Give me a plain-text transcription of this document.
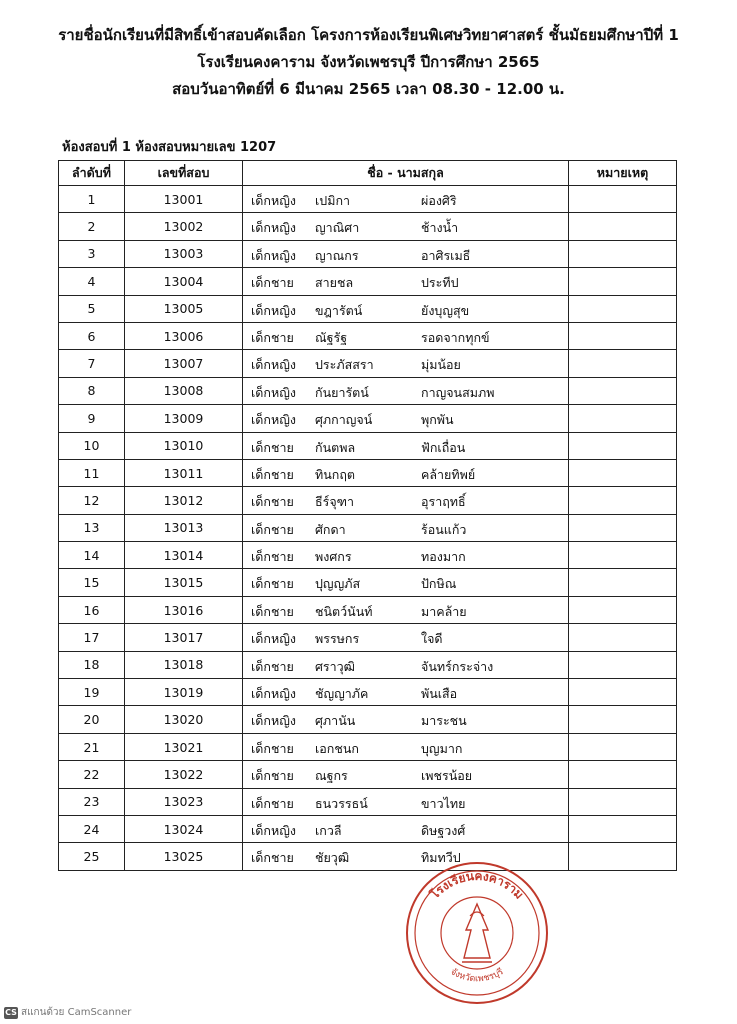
รายชื่อนักเรียนที่มีสิทธิ์เข้าสอบคัดเลือก โครงการห้องเรียนพิเศษวิทยาศาสตร์ ชั้นมัธยมศึกษาปีที่ 1
โรงเรียนคงคาราม จังหวัดเพชรบุรี ปีการศึกษา 2565
สอบวันอาทิตย์ที่ 6 มีนาคม 2565 เวลา 08.30 - 12.00 น.
ห้องสอบที่ 1 ห้องสอบหมายเลข 1207
ลำดับที่	เลขที่สอบ	ชื่อ - นามสกุล	หมายเหตุ
1	13001	เด็กหญิง เปมิกา ผ่องศิริ	

2	13002	เด็กหญิง ญาณิศา ช้างน้ำ	

3	13003	เด็กหญิง ญาณกร อาศิรเมธี	

4	13004	เด็กชาย สายชล ประทีป	

5	13005	เด็กหญิง ขฎารัตน์ ยังบุญสุข	

6	13006	เด็กชาย ณัฐรัฐ รอดจากทุกข์	

7	13007	เด็กหญิง ประภัสสรา มุ่มน้อย	

8	13008	เด็กหญิง กันยารัตน์ กาญจนสมภพ	

9	13009	เด็กหญิง ศุภกาญจน์ พุกพัน	

10	13010	เด็กชาย กันตพล ฟักเถื่อน	

11	13011	เด็กชาย ทินกฤต คล้ายทิพย์	

12	13012	เด็กชาย ธีร์จุฑา อุราฤทธิ์	

13	13013	เด็กชาย ศักดา ร้อนแก้ว	

14	13014	เด็กชาย พงศกร ทองมาก	

15	13015	เด็กชาย ปุญญภัส ปักษิณ	

16	13016	เด็กชาย ชนิตว์นันท์ มาคล้าย	

17	13017	เด็กหญิง พรรษกร ใจดี	

18	13018	เด็กชาย ศราวุฒิ จันทร์กระจ่าง	

19	13019	เด็กหญิง ชัญญาภัค พันเสือ	

20	13020	เด็กหญิง ศุภานัน มาระชน	

21	13021	เด็กชาย เอกชนก บุญมาก	

22	13022	เด็กชาย ณฐกร เพชรน้อย	

23	13023	เด็กชาย ธนวรรธน์ ขาวไทย	

24	13024	เด็กหญิง เกวลี ดิษฐวงศ์	

25	13025	เด็กชาย ชัยวุฒิ ทิมทวีป	

โรงเรียนคงคาราม
จังหวัดเพชรบุรี
CS สแกนด้วย CamScanner
